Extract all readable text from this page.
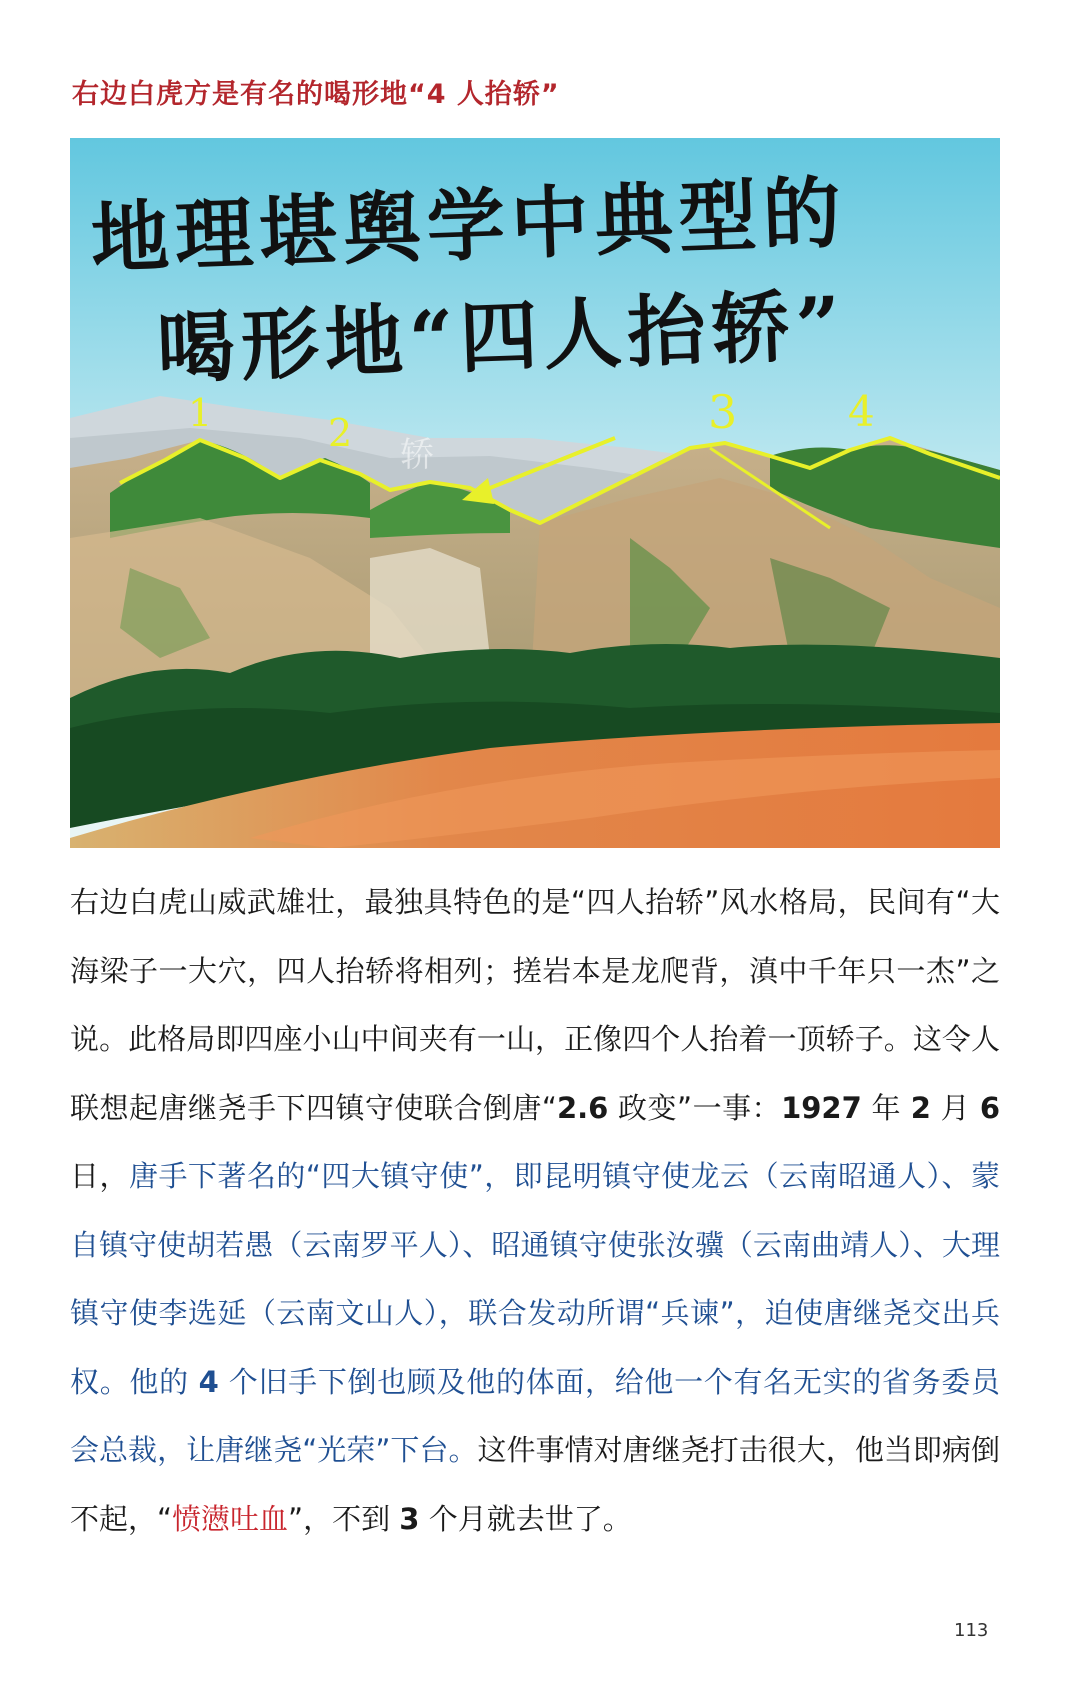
右边白虎方是有名的喝形地“4 人抬轿”
1	2	3	4
轿
地理堪舆学中典型的
喝形地“四人抬轿”

右边白虎山威武雄壮，最独具特色的是“四人抬轿”风水格局，民间有“大海梁子一大穴，四人抬轿将相列；搓岩本是龙爬背，滇中千年只一杰”之说。此格局即四座小山中间夹有一山，正像四个人抬着一顶轿子。这令人联想起唐继尧手下四镇守使联合倒唐“2.6 政变”一事：1927 年 2 月 6 日，唐手下著名的“四大镇守使”，即昆明镇守使龙云（云南昭通人）、蒙自镇守使胡若愚（云南罗平人）、昭通镇守使张汝骥（云南曲靖人）、大理镇守使李选延（云南文山人），联合发动所谓“兵谏”，迫使唐继尧交出兵权。他的 4 个旧手下倒也顾及他的体面，给他一个有名无实的省务委员会总裁，让唐继尧“光荣”下台。这件事情对唐继尧打击很大，他当即病倒不起，“愤懑吐血”，不到 3 个月就去世了。

113
